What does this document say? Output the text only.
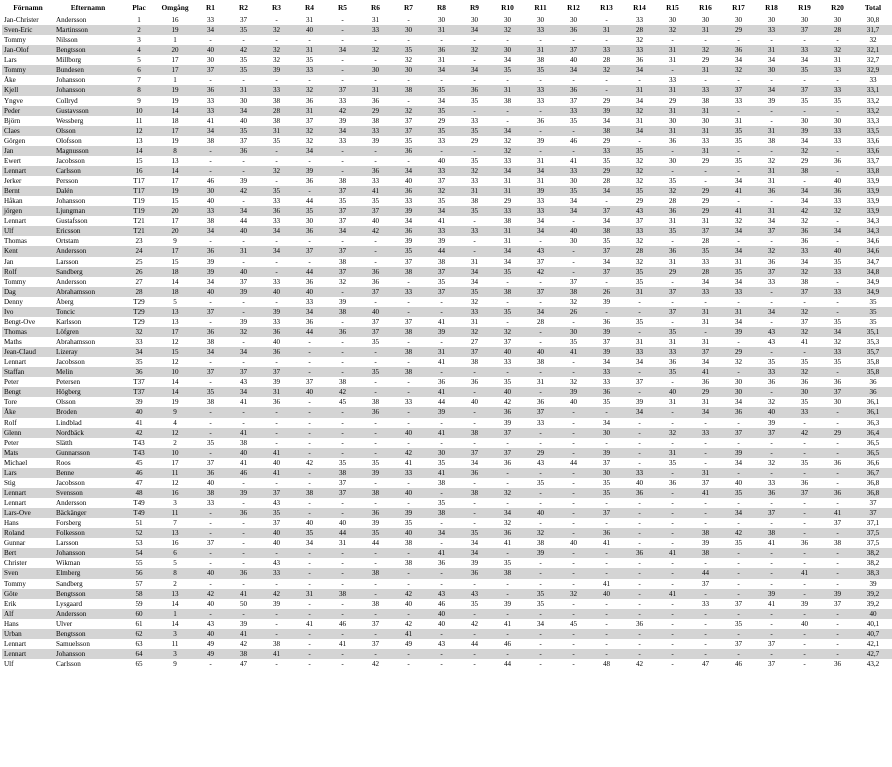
Förnamn	Efternamn	Plac	Omgång	R1	R2	R3	R4	R5	R6	R7	R8	R9	R10	R11	R12	R13	R14	R15	R16	R17	R18	R19	R20	Total
Jan-Christer	Andersson	1	16	33	37	-	31	-	31	-	30	30	30	30	30	-	33	30	30	30	30	30	30	30,8
Sven-Eric	Martinsson	2	19	34	35	32	40	-	33	30	31	34	32	33	36	31	28	32	31	29	33	37	28	31,7
Tommy	Nilsson	3	1	-	-	-	-	-	-	-	-	-	-	-	-	-	32	-	-	-	-	-	-	32
Jan-Olof	Bengtsson	4	20	40	42	32	31	34	32	35	36	32	30	31	37	33	33	31	32	36	31	33	32	32,1
Lars	Millborg	5	17	30	35	32	35	-	-	32	31	-	34	38	40	28	36	31	29	34	34	34	31	32,7
Tommy	Bundesen	6	17	37	35	39	33	-	30	30	34	34	35	35	34	32	34	-	31	32	30	35	33	32,9
Åke	Johansson	7	1	-	-	-	-	-	-	-	-	-	-	-	-	-	-	33	-	-	-	-	-	33
Kjell	Johansson	8	19	36	31	33	32	37	31	38	35	36	31	33	36	-	31	31	33	37	34	37	33	33,1
Yngve	Collryd	9	19	33	30	38	36	33	36	-	34	35	38	33	37	29	34	29	38	33	39	35	35	33,2
Peder	Gustavsson	10	14	33	34	28	31	42	29	32	35	-	-	-	33	39	32	31	31	-	-	-	-	33,2
Björn	Wessberg	11	18	41	40	38	37	39	38	37	29	33	-	36	35	34	31	30	30	31	-	30	30	33,3
Claes	Olsson	12	17	34	35	31	32	34	33	37	35	35	34	-	-	38	34	31	31	35	31	39	33	33,5
Görgen	Olofsson	13	19	38	37	35	32	33	39	35	33	29	32	39	46	29	-	36	33	35	38	34	33	33,6
Jan	Magnusson	14	8	-	36	-	34	-	-	36	-	-	32	-	-	33	35	-	31	-	-	32	-	33,6
Ewert	Jacobsson	15	13	-	-	-	-	-	-	-	40	35	33	31	41	35	32	30	29	35	32	29	36	33,7
Lennart	Carlsson	16	14	-	-	32	39	-	36	34	33	32	34	34	33	29	32	-	-	-	31	38	-	33,8
Jerker	Persson	T17	17	46	39	-	36	38	33	40	37	33	31	31	30	28	32	35	-	34	31	-	40	33,9
Bernt	Dalén	T17	19	30	42	35	-	37	41	36	32	31	31	39	35	34	35	32	29	41	36	34	36	33,9
Håkan	Johansson	T19	15	40	-	33	44	35	35	33	35	38	29	33	34	-	29	28	29	-	-	34	33	33,9
jörgen	Ljungman	T19	20	33	34	36	35	37	37	39	34	35	33	33	34	37	43	36	29	41	31	42	32	33,9
Lennart	Gustafsson	T21	17	38	44	33	30	37	40	34	41	-	38	34	-	34	37	31	31	32	34	32	-	34,3
Ulf	Ericsson	T21	20	34	40	34	36	34	42	36	33	33	31	34	40	38	33	35	37	34	37	36	34	34,3
Thomas	Ortstam	23	9	-	-	-	-	-	-	39	39	-	31	-	30	35	32	-	28	-	-	36	-	34,6
Kent	Andersson	24	17	36	31	34	37	37	-	35	44	-	34	43	-	37	28	36	35	34	32	33	40	34,6
Jan	Larsson	25	15	39	-	-	-	38	-	37	38	31	34	37	-	34	32	31	33	31	36	34	35	34,7
Rolf	Sandberg	26	18	39	40	-	44	37	36	38	37	34	35	42	-	37	35	29	28	35	37	32	33	34,8
Tommy	Andersson	27	14	34	37	33	36	32	36	-	35	34	-	-	37	-	35	-	34	34	33	38	-	34,9
Dag	Abrahamsson	28	18	40	39	40	40	-	37	33	37	35	38	37	38	26	31	37	33	33	-	37	33	34,9
Denny	Åberg	T29	5	-	-	-	33	39	-	-	-	32	-	-	32	39	-	-	-	-	-	-	-	35
Ivo	Toncic	T29	13	37	-	39	34	38	40	-	-	33	35	34	26	-	-	37	31	31	34	32	-	35
Bengt-Ove	Karlsson	T29	13	-	39	33	36	-	37	37	41	31	-	28	-	36	35	-	31	34	-	37	35	35
Thomas	Löfgren	32	17	36	32	36	44	36	37	38	39	32	32	-	30	39	-	35	-	39	43	32	34	35,1
Maths	Abrahamsson	33	12	38	-	40	-	-	35	-	-	27	37	-	35	37	31	31	31	-	43	41	32	35,3
Jean-Claud	Lizeray	34	15	34	34	36	-	-	-	38	31	37	40	40	41	39	33	33	37	29	-	-	33	35,7
Lennart	Jacobsson	35	12	-	-	-	-	-	-	-	41	38	33	38	-	34	34	36	34	32	35	35	35	35,8
Staffan	Melin	36	10	37	37	37	-	-	35	38	-	-	-	-	-	33	-	35	41	-	33	32	-	35,8
Peter	Petersen	T37	14	-	43	39	37	38	-	-	36	36	35	31	32	33	37	-	36	30	36	36	36	36
Bengt	Högberg	T37	14	35	34	31	40	42	-	-	41	-	40	-	39	36	-	40	29	30	-	30	37	36
Tore	Olsson	39	19	38	41	36	-	45	38	33	44	40	42	36	40	35	39	31	31	34	32	35	30	36,1
Åke	Broden	40	9	-	-	-	-	-	36	-	39	-	36	37	-	-	34	-	34	36	40	33	-	36,1
Rolf	Lindblad	41	4	-	-	-	-	-	-	-	-	-	39	33	-	34	-	-	-	-	39	-	-	36,3
Glenn	Nordbäck	42	12	-	41	-	-	-	-	40	41	38	37	-	-	30	-	32	33	37	37	42	29	36,4
Peter	Slätth	T43	2	35	38	-	-	-	-	-	-	-	-	-	-	-	-	-	-	-	-	-	-	36,5
Mats	Gunnarsson	T43	10	-	40	41	-	-	-	42	30	37	37	29	-	39	-	31	-	39	-	-	-	36,5
Michael	Roos	45	17	37	41	40	42	35	35	41	35	34	36	43	44	37	-	35	-	34	32	35	36	36,6
Lars	Benne	46	11	36	46	41	-	38	39	33	41	36	-	-	-	30	33	-	31	-	-	-	-	36,7
Stig	Jacobsson	47	12	40	-	-	-	37	-	-	38	-	-	35	-	35	40	36	37	40	33	36	-	36,8
Lennart	Svensson	48	16	38	39	37	38	37	38	40	-	38	32	-	-	35	36	-	41	35	36	37	36	36,8
Lennart	Andersson	T49	3	33	-	43	-	-	-	-	35	-	-	-	-	-	-	-	-	-	-	-	-	37
Lars-Ove	Bäckänger	T49	11	-	36	35	-	-	36	39	38	-	34	40	-	37	-	-	-	34	37	-	41	37
Hans	Forsberg	51	7	-	-	37	40	40	39	35	-	-	32	-	-	-	-	-	-	-	-	-	37	37,1
Roland	Folkesson	52	13	-	-	40	35	44	35	40	34	35	36	32	-	36	-	-	38	42	38	-	-	37,5
Gunnar	Larsson	53	16	37	-	40	34	31	44	38	-	34	41	38	40	41	-	-	39	35	41	36	38	37,5
Bert	Johansson	54	6	-	-	-	-	-	-	-	41	34	-	39	-	-	36	41	38	-	-	-	-	38,2
Christer	Wikman	55	5	-	-	43	-	-	-	38	36	39	35	-	-	-	-	-	-	-	-	-	-	38,2
Sven	Elmberg	56	8	40	36	33	-	-	38	-	-	36	38	-	-	-	-	-	44	-	-	41	-	38,3
Tommy	Sandberg	57	2	-	-	-	-	-	-	-	-	-	-	-	-	41	-	-	37	-	-	-	-	39
Göte	Bengtsson	58	13	42	41	42	31	38	-	42	43	43	-	35	32	40	-	41	-	-	39	-	39	39,2
Erik	Lysgaard	59	14	40	50	39	-	-	38	40	46	35	39	35	-	-	-	-	33	37	41	39	37	39,2
Alf	Andersson	60	1	-	-	-	-	-	-	-	40	-	-	-	-	-	-	-	-	-	-	-	-	40
Hans	Ulver	61	14	43	39	-	41	46	37	42	40	42	41	34	45	-	36	-	-	35	-	40	-	40,1
Urban	Bengtsson	62	3	40	41	-	-	-	-	41	-	-	-	-	-	-	-	-	-	-	-	-	-	40,7
Lennart	Samuelsson	63	11	49	42	38	-	41	37	49	43	44	46	-	-	-	-	-	-	37	37	-	-	42,1
Lennart	Johansson	64	3	49	38	41	-	-	-	-	-	-	-	-	-	-	-	-	-	-	-	-	-	42,7
Ulf	Carlsson	65	9	-	47	-	-	-	42	-	-	-	44	-	-	48	42	-	47	46	37	-	36	43,2
